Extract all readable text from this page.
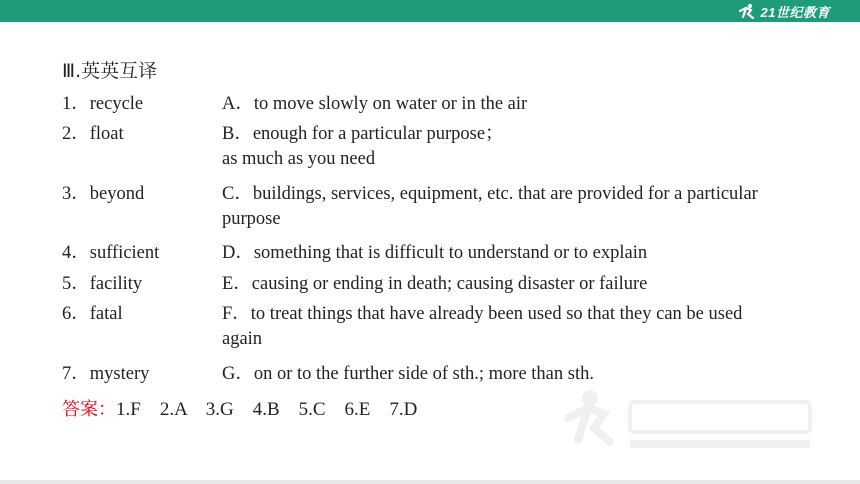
21世纪教育
Ⅲ.英英互译
1．recycle	A．to move slowly on water or in the air
2．float	B．enough for a particular purpose；
as much as you need
3．beyond	C．buildings, services, equipment, etc. that are provided for a particular
purpose
4．sufficient	D．something that is difficult to understand or to explain
5．facility	E．causing or ending in death; causing disaster or failure
6．fatal	F．to treat things that have already been used so that they can be used
again
7．mystery	G．on or to the further side of sth.; more than sth.
答案：1.F    2.A    3.G    4.B    5.C    6.E    7.D
